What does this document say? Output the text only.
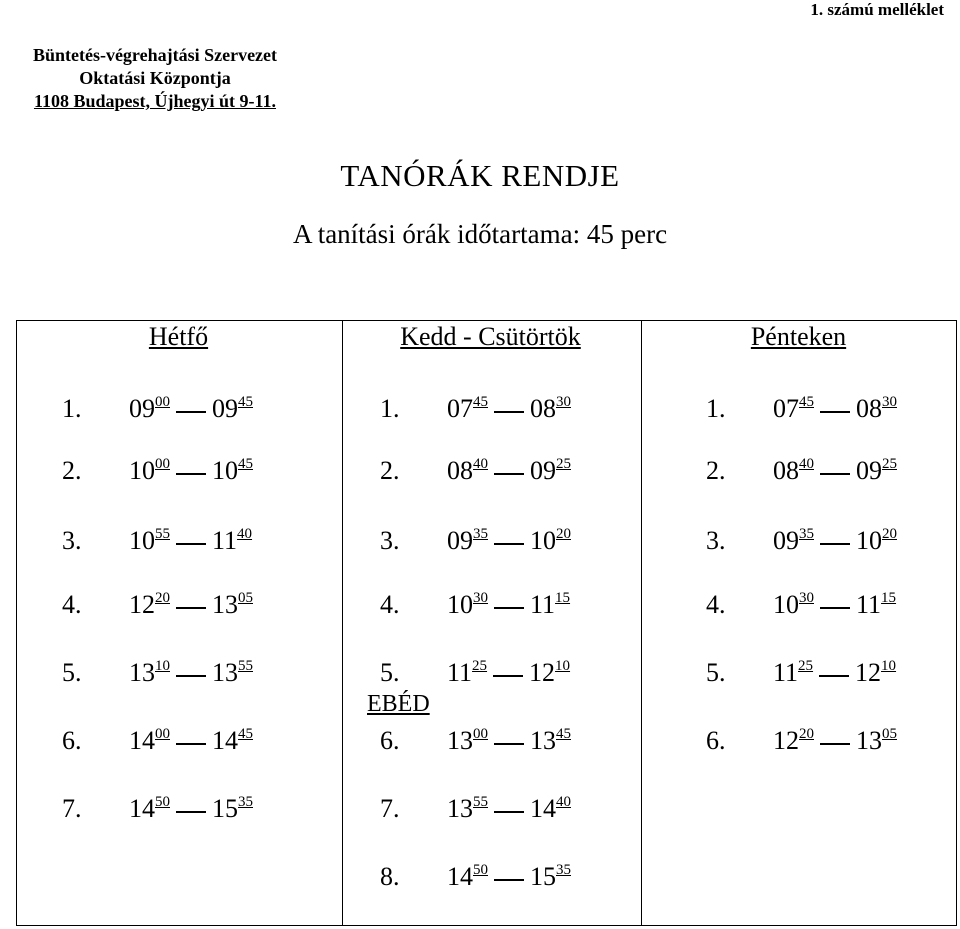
1. számú melléklet
Büntetés-végrehajtási Szervezet
Oktatási Központja
1108 Budapest, Újhegyi út 9-11.
TANÓRÁK RENDJE
A tanítási órák időtartama: 45 perc
Hétfő	Kedd - Csütörtök	Pénteken
1. $09^{00}$ $09^{45}$
2. $10^{00}$ $10^{45}$
3. $10^{55}$ $11^{40}$
4. $12^{20}$ $13^{05}$
5. $13^{10}$ $13^{55}$
6. $14^{00}$ $14^{45}$
7. $14^{50}$ $15^{35}$
1. $07^{45}$ $08^{30}$
2. $08^{40}$ $09^{25}$
3. $09^{35}$ $10^{20}$
4. $10^{30}$ $11^{15}$
5. $11^{25}$ $12^{10}$
6. $13^{00}$ $13^{45}$
7. $13^{55}$ $14^{40}$
8. $14^{50}$ $15^{35}$
1. $07^{45}$ $08^{30}$
2. $08^{40}$ $09^{25}$
3. $09^{35}$ $10^{20}$
4. $10^{30}$ $11^{15}$
5. $11^{25}$ $12^{10}$
6. $12^{20}$ $13^{05}$
EBÉD
